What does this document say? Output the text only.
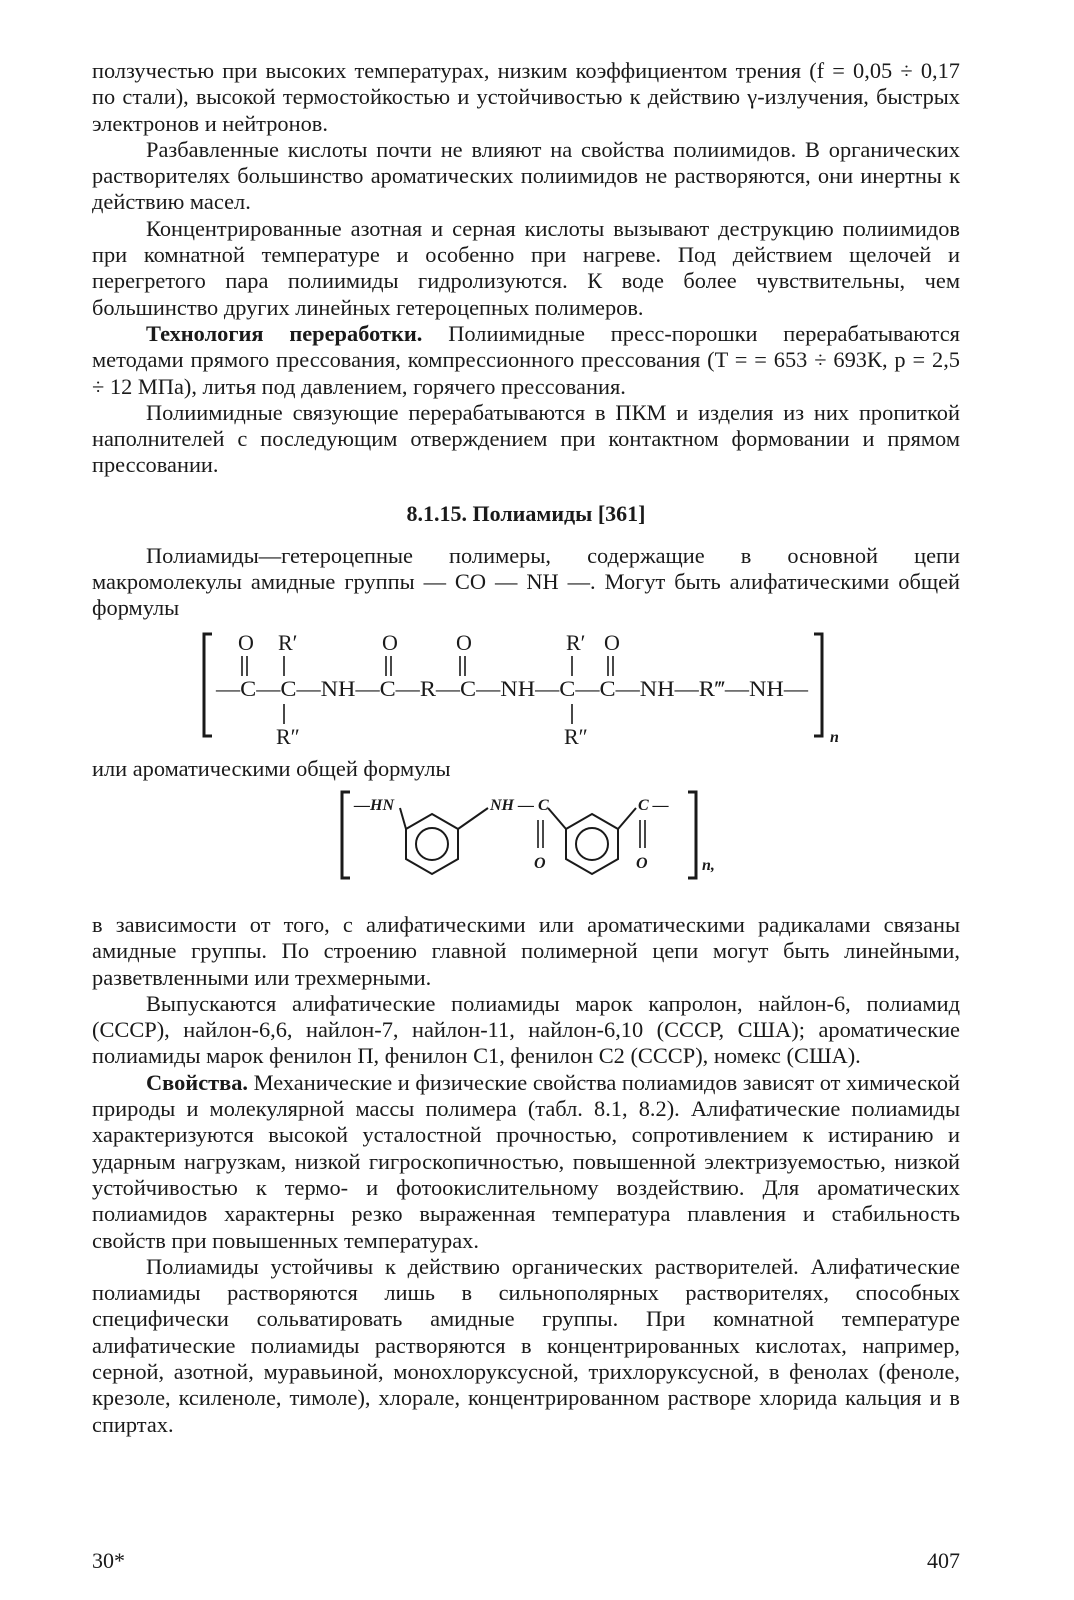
ползучестью при высоких температурах, низким коэффициентом трения (f = 0,05 ÷ 0,17 по стали), высокой термостойкостью и устойчивостью к действию γ-излучения, быстрых электронов и нейтронов.

Разбавленные кислоты почти не влияют на свойства полиимидов. В органических растворителях большинство ароматических полиимидов не растворяются, они инертны к действию масел.

Концентрированные азотная и серная кислоты вызывают деструкцию полиимидов при комнатной температуре и особенно при нагреве. Под действием щелочей и перегретого пара полиимиды гидролизуются. К воде более чувствительны, чем большинство других линейных гетероцепных полимеров.

Технология переработки. Полиимидные пресс-порошки перерабатываются методами прямого прессования, компрессионного прессования (T = = 653 ÷ 693К, p = 2,5 ÷ 12 МПа), литья под давлением, горячего прессования.

Полиимидные связующие перерабатываются в ПКМ и изделия из них пропиткой наполнителей с последующим отверждением при контактном формовании и прямом прессовании.

8.1.15. Полиамиды [361]

Полиамиды—гетероцепные полимеры, содержащие в основной цепи макромолекулы амидные группы — CO — NH —. Могут быть алифатическими общей формулы

O R′	O	O	R′ O
—C—C—NH—C—R—C—NH—C—C—NH—R‴—NH—
R″	R″	n

или ароматическими общей формулы

—HN	NH — C
O
C —
O	n,

в зависимости от того, с алифатическими или ароматическими радикалами связаны амидные группы. По строению главной полимерной цепи могут быть линейными, разветвленными или трехмерными.

Выпускаются алифатические полиамиды марок капролон, найлон-6, полиамид (СССР), найлон-6,6, найлон-7, найлон-11, найлон-6,10 (СССР, США); ароматические полиамиды марок фенилон П, фенилон С1, фенилон С2 (СССР), номекс (США).

Свойства. Механические и физические свойства полиамидов зависят от химической природы и молекулярной массы полимера (табл. 8.1, 8.2). Алифатические полиамиды характеризуются высокой усталостной прочностью, сопротивлением к истиранию и ударным нагрузкам, низкой гигроскопичностью, повышенной электризуемостью, низкой устойчивостью к термо- и фотоокислительному воздействию. Для ароматических полиамидов характерны резко выраженная температура плавления и стабильность свойств при повышенных температурах.

Полиамиды устойчивы к действию органических растворителей. Алифатические полиамиды растворяются лишь в сильнополярных растворителях, способных специфически сольватировать амидные группы. При комнатной температуре алифатические полиамиды растворяются в концентрированных кислотах, например, серной, азотной, муравьиной, монохлоруксусной, трихлоруксусной, в фенолах (феноле, крезоле, ксиленоле, тимоле), хлорале, концентрированном растворе хлорида кальция и в спиртах.

30*	407
